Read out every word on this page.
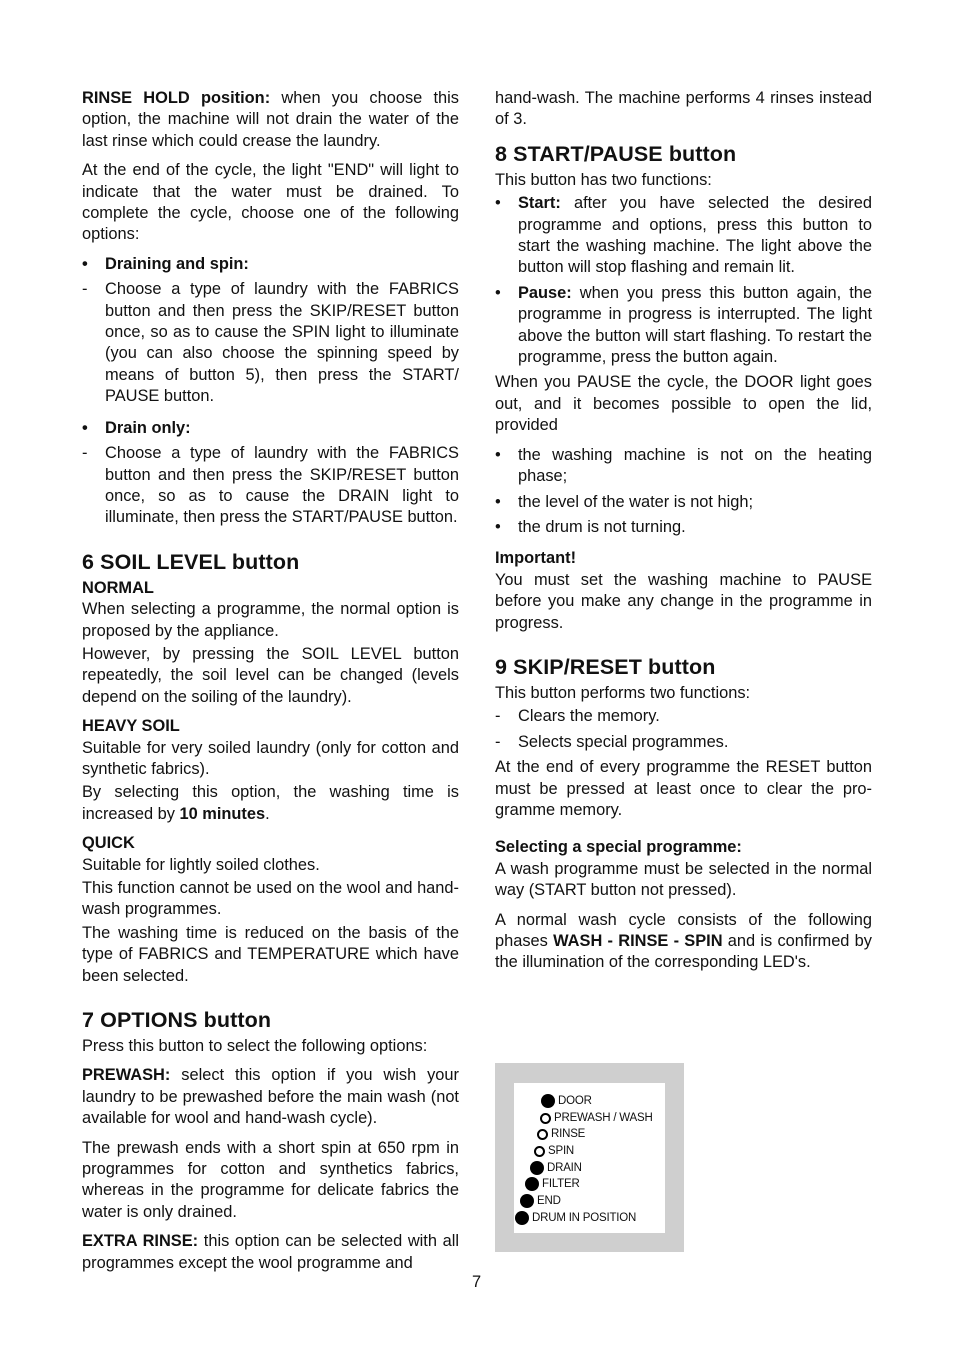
RINSE HOLD position: when you choose this option, the machine will not drain the water of the last rinse which could crease the laundry.

At the end of the cycle, the light "END" will light to indicate that the water must be drained. To complete the cycle, choose one of the following options:

• Draining and spin:
- Choose a type of laundry with the FABRICS button and then press the SKIP/RESET button once, so as to cause the SPIN light to illuminate (you can also choose the spinning speed by means of button 5), then press the START/ PAUSE button.
• Drain only:
- Choose a type of laundry with the FABRICS button and then press the SKIP/RESET button once, so as to cause the DRAIN light to illuminate, then press the START/PAUSE button.
6 SOIL LEVEL button
NORMAL

When selecting a programme, the normal option is proposed by the appliance.

However, by pressing the SOIL LEVEL button repeatedly, the soil level can be changed (levels depend on the soiling of the laundry).

HEAVY SOIL

Suitable for very soiled laundry (only for cotton and synthetic fabrics).

By selecting this option, the washing time is increased by 10 minutes.

QUICK

Suitable for lightly soiled clothes.

This function cannot be used on the wool and hand-wash programmes.

The washing time is reduced on the basis of the type of FABRICS and TEMPERATURE which have been selected.

7 OPTIONS button

Press this button to select the following options:

PREWASH: select this option if you wish your laundry to be prewashed before the main wash (not available for wool and hand-wash cycle).

The prewash ends with a short spin at 650 rpm in programmes for cotton and synthetics fabrics, whereas in the programme for delicate fabrics the water is only drained.

EXTRA RINSE: this option can be selected with all programmes except the wool programme and

hand-wash. The machine performs 4 rinses instead of 3.

8 START/PAUSE button

This button has two functions:

• Start: after you have selected the desired programme and options, press this button to start the washing machine. The light above the button will stop flashing and remain lit.
• Pause: when you press this button again, the programme in progress is interrupted. The light above the button will start flashing. To restart the programme, press the button again.

When you PAUSE the cycle, the DOOR light goes out, and it becomes possible to open the lid, provided

• the washing machine is not on the heating phase;
• the level of the water is not high;
• the drum is not turning.
Important!

You must set the washing machine to PAUSE before you make any change in the programme in progress.

9 SKIP/RESET button

This button performs two functions:

- Clears the memory.
- Selects special programmes.

At the end of every programme the RESET button must be pressed at least once to clear the pro-gramme memory.

Selecting a special programme:

A wash programme must be selected in the normal way (START button not pressed).

A normal wash cycle consists of the following phases WASH - RINSE - SPIN and is confirmed by the illumination of the corresponding LED's.

DOOR
PREWASH / WASH
RINSE
SPIN
DRAIN
FILTER
END
DRUM IN POSITION
7
